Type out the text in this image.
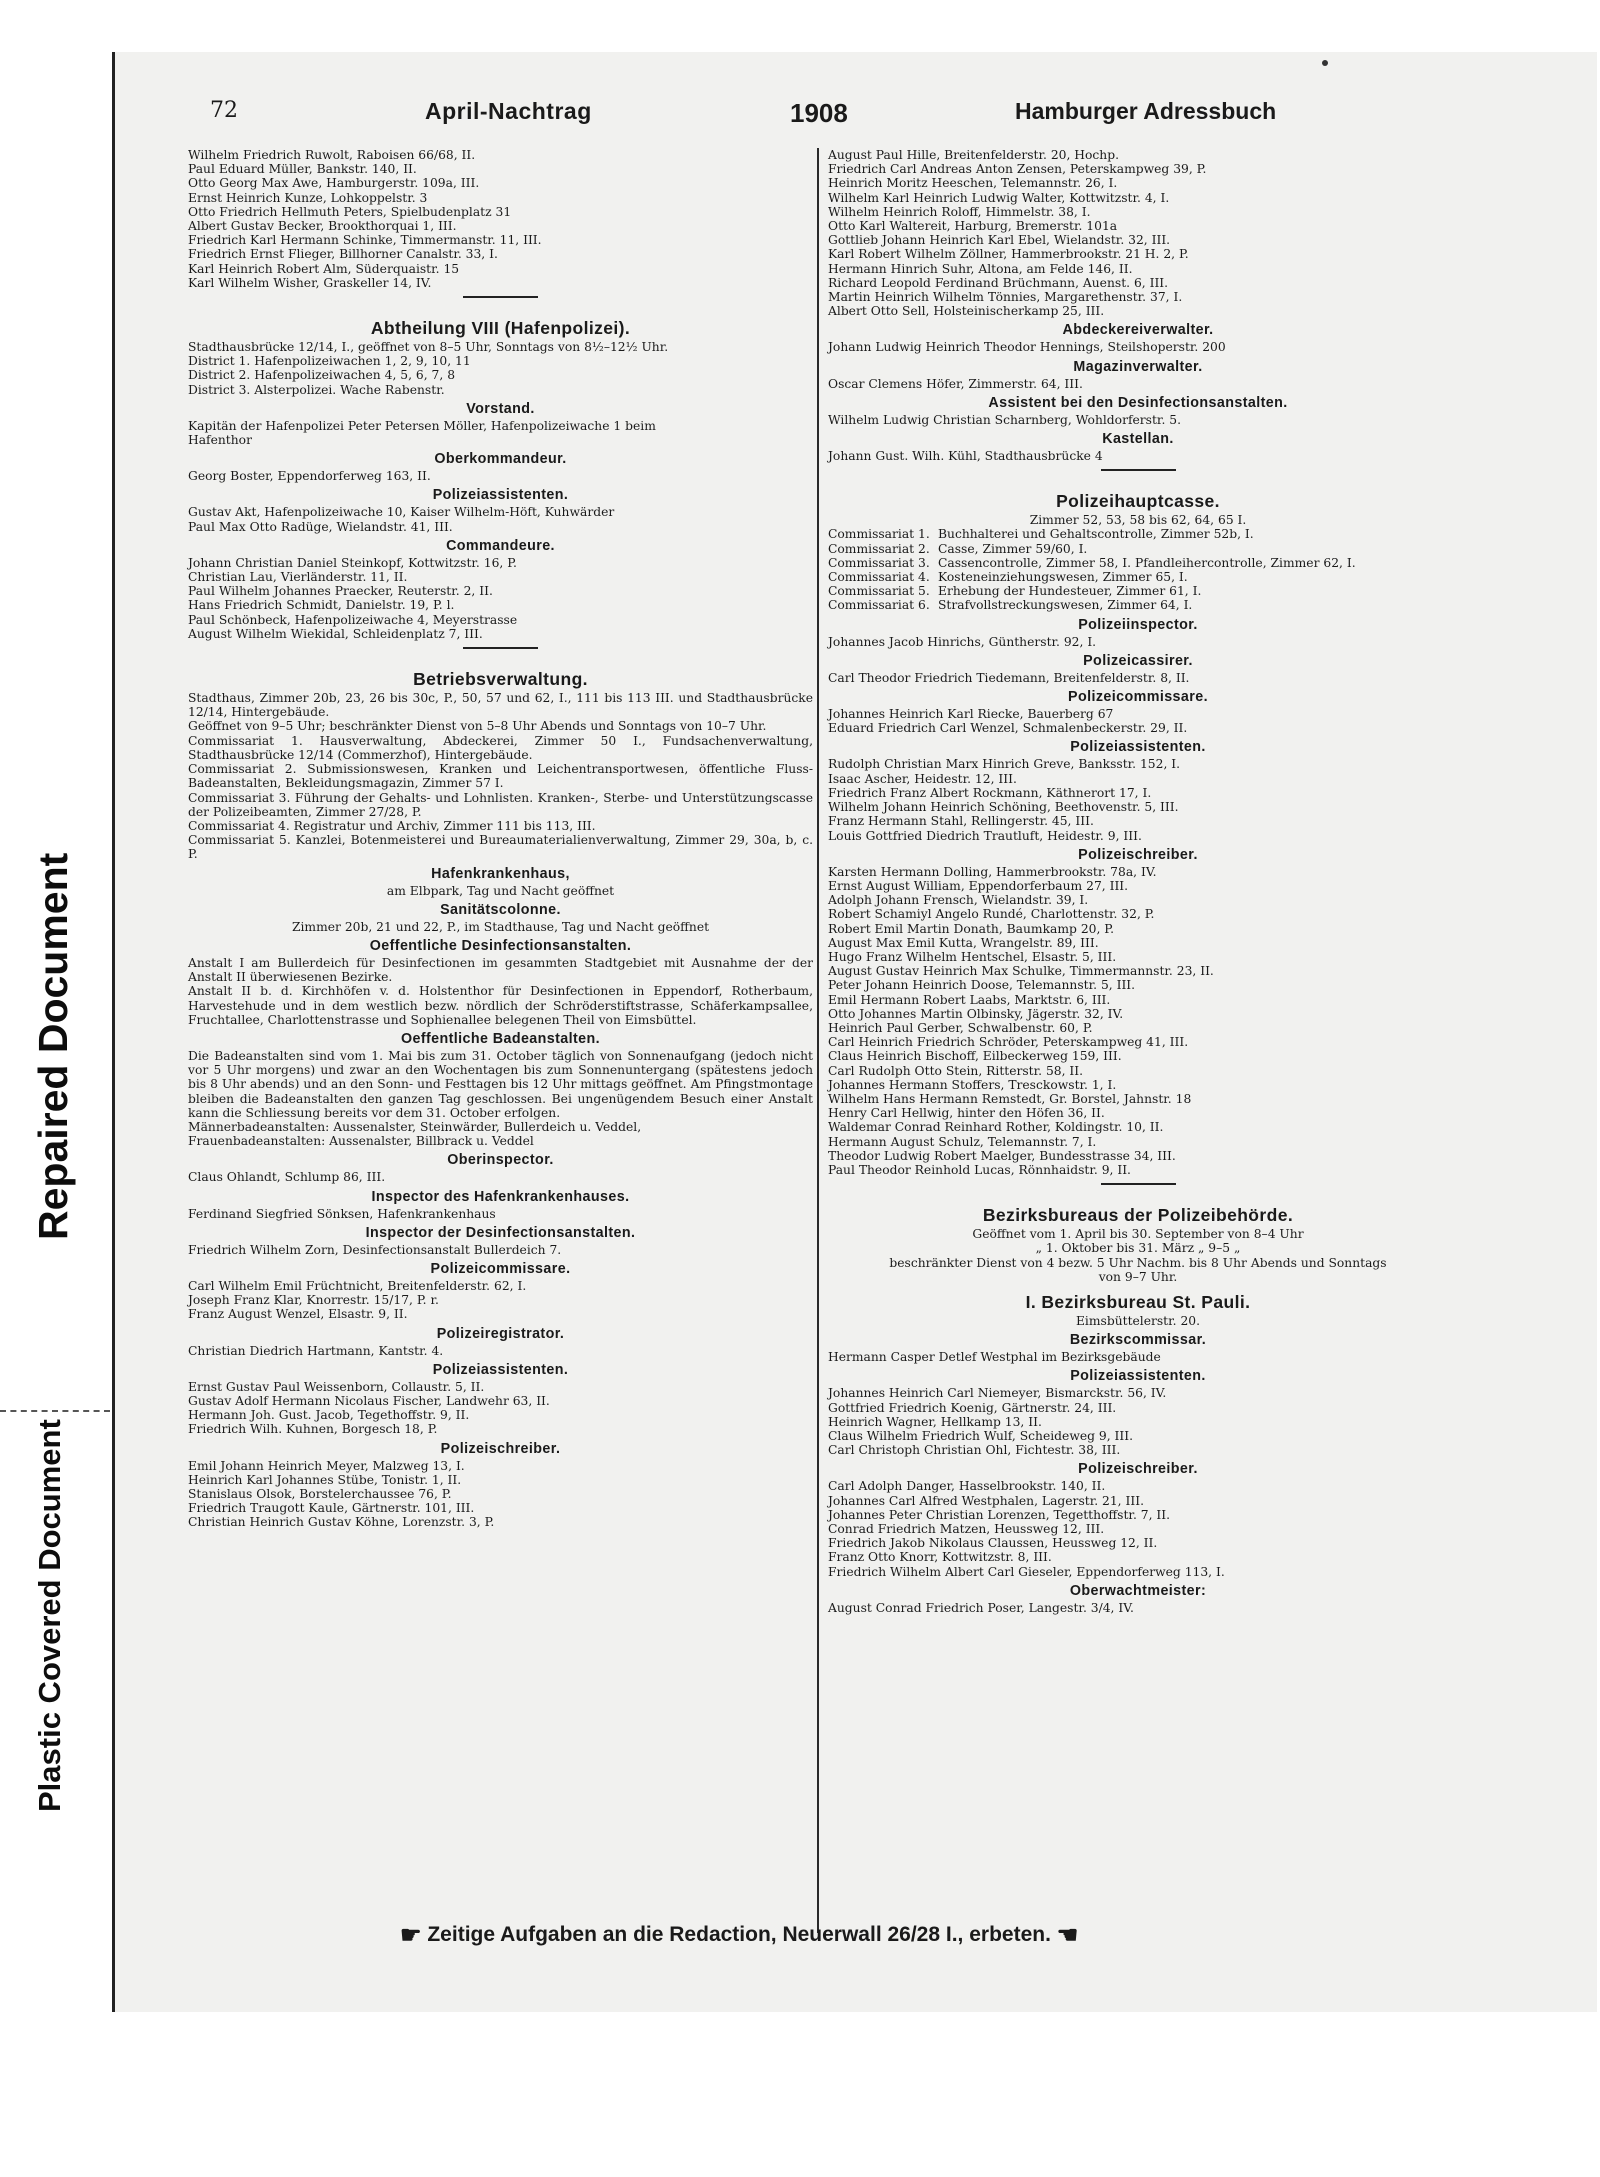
Repaired Document
Plastic Covered Document
72	April-Nachtrag	1908	Hamburger Adressbuch
Wilhelm Friedrich Ruwolt, Raboisen 66/68, II.
Paul Eduard Müller, Bankstr. 140, II.
Otto Georg Max Awe, Hamburgerstr. 109a, III.
Ernst Heinrich Kunze, Lohkoppelstr. 3
Otto Friedrich Hellmuth Peters, Spielbudenplatz 31
Albert Gustav Becker, Brookthorquai 1, III.
Friedrich Karl Hermann Schinke, Timmermanstr. 11, III.
Friedrich Ernst Flieger, Billhorner Canalstr. 33, I.
Karl Heinrich Robert Alm, Süderquaistr. 15
Karl Wilhelm Wisher, Graskeller 14, IV.
Abtheilung VIII (Hafenpolizei).
Stadthausbrücke 12/14, I., geöffnet von 8–5 Uhr, Sonntags von 8½–12½ Uhr.
District 1. Hafenpolizeiwachen 1, 2, 9, 10, 11
District 2. Hafenpolizeiwachen 4, 5, 6, 7, 8
District 3. Alsterpolizei. Wache Rabenstr.
Vorstand.
Kapitän der Hafenpolizei Peter Petersen Möller, Hafenpolizeiwache 1 beim
Hafenthor
Oberkommandeur.
Georg Boster, Eppendorferweg 163, II.
Polizeiassistenten.
Gustav Akt, Hafenpolizeiwache 10, Kaiser Wilhelm-Höft, Kuhwärder
Paul Max Otto Radüge, Wielandstr. 41, III.
Commandeure.
Johann Christian Daniel Steinkopf, Kottwitzstr. 16, P.
Christian Lau, Vierländerstr. 11, II.
Paul Wilhelm Johannes Praecker, Reuterstr. 2, II.
Hans Friedrich Schmidt, Danielstr. 19, P. l.
Paul Schönbeck, Hafenpolizeiwache 4, Meyerstrasse
August Wilhelm Wiekidal, Schleidenplatz 7, III.
Betriebsverwaltung.
Stadthaus, Zimmer 20b, 23, 26 bis 30c, P., 50, 57 und 62, I., 111 bis 113 III. und Stadthausbrücke 12/14, Hintergebäude.
Geöffnet von 9–5 Uhr; beschränkter Dienst von 5–8 Uhr Abends und Sonntags von 10–7 Uhr.
Commissariat 1. Hausverwaltung, Abdeckerei, Zimmer 50 I., Fundsachenverwaltung, Stadthausbrücke 12/14 (Commerzhof), Hintergebäude.
Commissariat 2. Submissionswesen, Kranken und Leichentransportwesen, öffentliche Fluss-Badeanstalten, Bekleidungsmagazin, Zimmer 57 I.
Commissariat 3. Führung der Gehalts- und Lohnlisten. Kranken-, Sterbe- und Unterstützungscasse der Polizeibeamten, Zimmer 27/28, P.
Commissariat 4. Registratur und Archiv, Zimmer 111 bis 113, III.
Commissariat 5. Kanzlei, Botenmeisterei und Bureaumaterialienverwaltung, Zimmer 29, 30a, b, c. P.
Hafenkrankenhaus,
am Elbpark, Tag und Nacht geöffnet
Sanitätscolonne.
Zimmer 20b, 21 und 22, P., im Stadthause, Tag und Nacht geöffnet
Oeffentliche Desinfectionsanstalten.
Anstalt I am Bullerdeich für Desinfectionen im gesammten Stadtgebiet mit Ausnahme der der Anstalt II überwiesenen Bezirke.
Anstalt II b. d. Kirchhöfen v. d. Holstenthor für Desinfectionen in Eppendorf, Rotherbaum, Harvestehude und in dem westlich bezw. nördlich der Schröderstiftstrasse, Schäferkampsallee, Fruchtallee, Charlottenstrasse und Sophienallee belegenen Theil von Eimsbüttel.
Oeffentliche Badeanstalten.
Die Badeanstalten sind vom 1. Mai bis zum 31. October täglich von Sonnenaufgang (jedoch nicht vor 5 Uhr morgens) und zwar an den Wochentagen bis zum Sonnenuntergang (spätestens jedoch bis 8 Uhr abends) und an den Sonn- und Festtagen bis 12 Uhr mittags geöffnet. Am Pfingstmontage bleiben die Badeanstalten den ganzen Tag geschlossen. Bei ungenügendem Besuch einer Anstalt kann die Schliessung bereits vor dem 31. October erfolgen.
Männerbadeanstalten: Aussenalster, Steinwärder, Bullerdeich u. Veddel,
Frauenbadeanstalten: Aussenalster, Billbrack u. Veddel
Oberinspector.
Claus Ohlandt, Schlump 86, III.
Inspector des Hafenkrankenhauses.
Ferdinand Siegfried Sönksen, Hafenkrankenhaus
Inspector der Desinfectionsanstalten.
Friedrich Wilhelm Zorn, Desinfectionsanstalt Bullerdeich 7.
Polizeicommissare.
Carl Wilhelm Emil Früchtnicht, Breitenfelderstr. 62, I.
Joseph Franz Klar, Knorrestr. 15/17, P. r.
Franz August Wenzel, Elsastr. 9, II.
Polizeiregistrator.
Christian Diedrich Hartmann, Kantstr. 4.
Polizeiassistenten.
Ernst Gustav Paul Weissenborn, Collaustr. 5, II.
Gustav Adolf Hermann Nicolaus Fischer, Landwehr 63, II.
Hermann Joh. Gust. Jacob, Tegethoffstr. 9, II.
Friedrich Wilh. Kuhnen, Borgesch 18, P.
Polizeischreiber.
Emil Johann Heinrich Meyer, Malzweg 13, I.
Heinrich Karl Johannes Stübe, Tonistr. 1, II.
Stanislaus Olsok, Borstelerchaussee 76, P.
Friedrich Traugott Kaule, Gärtnerstr. 101, III.
Christian Heinrich Gustav Köhne, Lorenzstr. 3, P.
August Paul Hille, Breitenfelderstr. 20, Hochp.
Friedrich Carl Andreas Anton Zensen, Peterskampweg 39, P.
Heinrich Moritz Heeschen, Telemannstr. 26, I.
Wilhelm Karl Heinrich Ludwig Walter, Kottwitzstr. 4, I.
Wilhelm Heinrich Roloff, Himmelstr. 38, I.
Otto Karl Waltereit, Harburg, Bremerstr. 101a
Gottlieb Johann Heinrich Karl Ebel, Wielandstr. 32, III.
Karl Robert Wilhelm Zöllner, Hammerbrookstr. 21 H. 2, P.
Hermann Hinrich Suhr, Altona, am Felde 146, II.
Richard Leopold Ferdinand Brüchmann, Auenst. 6, III.
Martin Heinrich Wilhelm Tönnies, Margarethenstr. 37, I.
Albert Otto Sell, Holsteinischerkamp 25, III.
Abdeckereiverwalter.
Johann Ludwig Heinrich Theodor Hennings, Steilshoperstr. 200
Magazinverwalter.
Oscar Clemens Höfer, Zimmerstr. 64, III.
Assistent bei den Desinfectionsanstalten.
Wilhelm Ludwig Christian Scharnberg, Wohldorferstr. 5.
Kastellan.
Johann Gust. Wilh. Kühl, Stadthausbrücke 4
Polizeihauptcasse.
Zimmer 52, 53, 58 bis 62, 64, 65 I.
Commissariat 1. Buchhalterei und Gehaltscontrolle, Zimmer 52b, I.
Commissariat 2. Casse, Zimmer 59/60, I.
Commissariat 3. Cassencontrolle, Zimmer 58, I. Pfandleihercontrolle, Zimmer 62, I.
Commissariat 4. Kosteneinziehungswesen, Zimmer 65, I.
Commissariat 5. Erhebung der Hundesteuer, Zimmer 61, I.
Commissariat 6. Strafvollstreckungswesen, Zimmer 64, I.
Polizeiinspector.
Johannes Jacob Hinrichs, Güntherstr. 92, I.
Polizeicassirer.
Carl Theodor Friedrich Tiedemann, Breitenfelderstr. 8, II.
Polizeicommissare.
Johannes Heinrich Karl Riecke, Bauerberg 67
Eduard Friedrich Carl Wenzel, Schmalenbeckerstr. 29, II.
Polizeiassistenten.
Rudolph Christian Marx Hinrich Greve, Banksstr. 152, I.
Isaac Ascher, Heidestr. 12, III.
Friedrich Franz Albert Rockmann, Käthnerort 17, I.
Wilhelm Johann Heinrich Schöning, Beethovenstr. 5, III.
Franz Hermann Stahl, Rellingerstr. 45, III.
Louis Gottfried Diedrich Trautluft, Heidestr. 9, III.
Polizeischreiber.
Karsten Hermann Dolling, Hammerbrookstr. 78a, IV.
Ernst August William, Eppendorferbaum 27, III.
Adolph Johann Frensch, Wielandstr. 39, I.
Robert Schamiyl Angelo Rundé, Charlottenstr. 32, P.
Robert Emil Martin Donath, Baumkamp 20, P.
August Max Emil Kutta, Wrangelstr. 89, III.
Hugo Franz Wilhelm Hentschel, Elsastr. 5, III.
August Gustav Heinrich Max Schulke, Timmermannstr. 23, II.
Peter Johann Heinrich Doose, Telemannstr. 5, III.
Emil Hermann Robert Laabs, Marktstr. 6, III.
Otto Johannes Martin Olbinsky, Jägerstr. 32, IV.
Heinrich Paul Gerber, Schwalbenstr. 60, P.
Carl Heinrich Friedrich Schröder, Peterskampweg 41, III.
Claus Heinrich Bischoff, Eilbeckerweg 159, III.
Carl Rudolph Otto Stein, Ritterstr. 58, II.
Johannes Hermann Stoffers, Tresckowstr. 1, I.
Wilhelm Hans Hermann Remstedt, Gr. Borstel, Jahnstr. 18
Henry Carl Hellwig, hinter den Höfen 36, II.
Waldemar Conrad Reinhard Rother, Koldingstr. 10, II.
Hermann August Schulz, Telemannstr. 7, I.
Theodor Ludwig Robert Maelger, Bundesstrasse 34, III.
Paul Theodor Reinhold Lucas, Rönnhaidstr. 9, II.
Bezirksbureaus der Polizeibehörde.
Geöffnet vom 1. April bis 30. September von 8–4 Uhr
„ 1. Oktober bis 31. März „ 9–5 „
beschränkter Dienst von 4 bezw. 5 Uhr Nachm. bis 8 Uhr Abends und Sonntags
von 9–7 Uhr.
I. Bezirksbureau St. Pauli.
Eimsbüttelerstr. 20.
Bezirkscommissar.
Hermann Casper Detlef Westphal im Bezirksgebäude
Polizeiassistenten.
Johannes Heinrich Carl Niemeyer, Bismarckstr. 56, IV.
Gottfried Friedrich Koenig, Gärtnerstr. 24, III.
Heinrich Wagner, Hellkamp 13, II.
Claus Wilhelm Friedrich Wulf, Scheideweg 9, III.
Carl Christoph Christian Ohl, Fichtestr. 38, III.
Polizeischreiber.
Carl Adolph Danger, Hasselbrookstr. 140, II.
Johannes Carl Alfred Westphalen, Lagerstr. 21, III.
Johannes Peter Christian Lorenzen, Tegetthoffstr. 7, II.
Conrad Friedrich Matzen, Heussweg 12, III.
Friedrich Jakob Nikolaus Claussen, Heussweg 12, II.
Franz Otto Knorr, Kottwitzstr. 8, III.
Friedrich Wilhelm Albert Carl Gieseler, Eppendorferweg 113, I.
Oberwachtmeister:
August Conrad Friedrich Poser, Langestr. 3/4, IV.
☛ Zeitige Aufgaben an die Redaction, Neuerwall 26/28 I., erbeten. ☚
